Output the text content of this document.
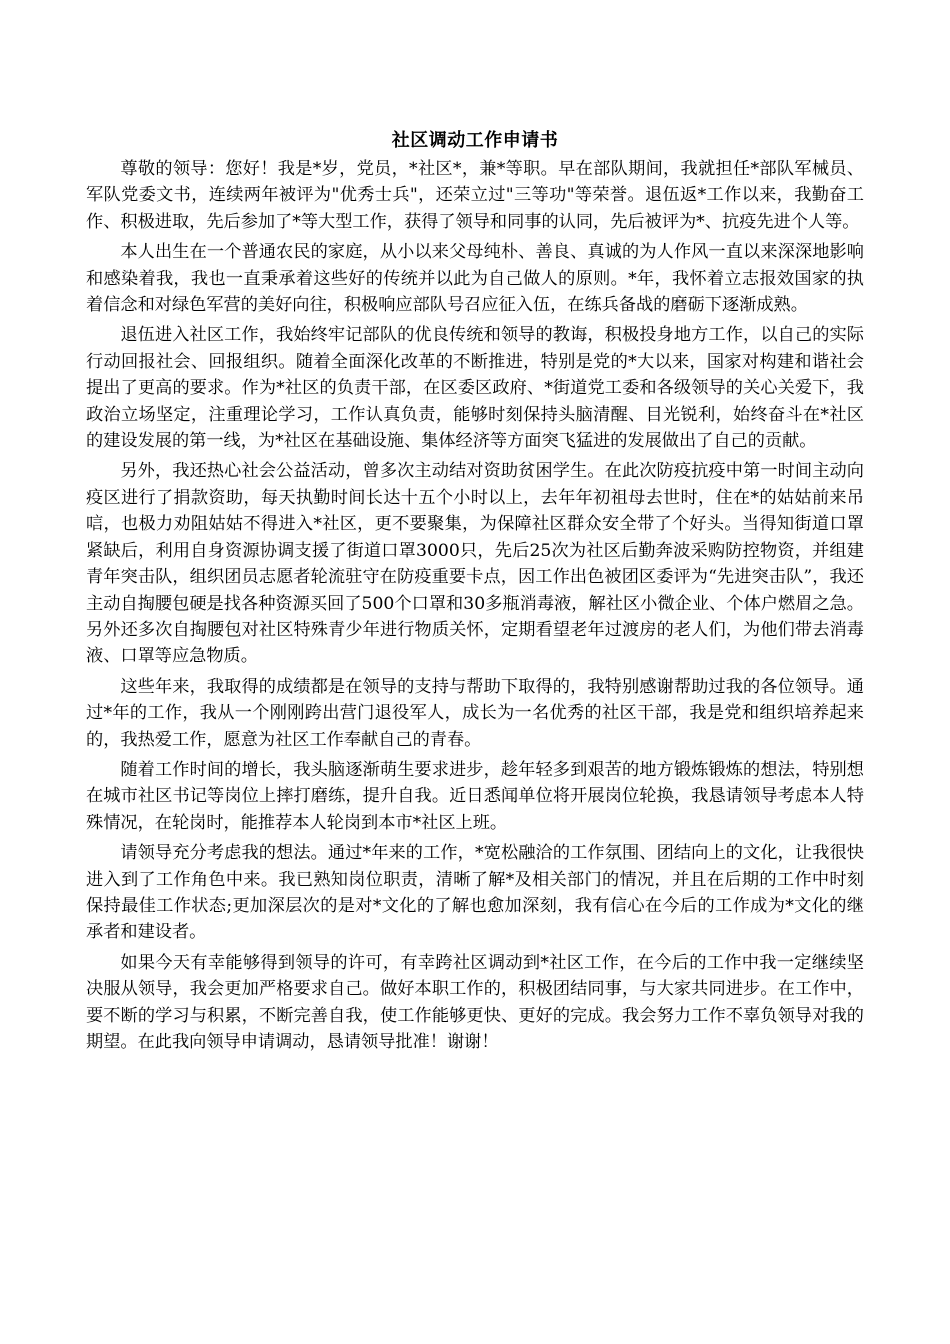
社区调动工作申请书

尊敬的领导：您好！我是*岁，党员，*社区*，兼*等职。早在部队期间，我就担任*部队军械员、军队党委文书，连续两年被评为"优秀士兵"，还荣立过"三等功"等荣誉。退伍返*工作以来，我勤奋工作、积极进取，先后参加了*等大型工作，获得了领导和同事的认同，先后被评为*、抗疫先进个人等。

本人出生在一个普通农民的家庭，从小以来父母纯朴、善良、真诚的为人作风一直以来深深地影响和感染着我，我也一直秉承着这些好的传统并以此为自己做人的原则。*年，我怀着立志报效国家的执着信念和对绿色军营的美好向往，积极响应部队号召应征入伍，在练兵备战的磨砺下逐渐成熟。

退伍进入社区工作，我始终牢记部队的优良传统和领导的教诲，积极投身地方工作，以自己的实际行动回报社会、回报组织。随着全面深化改革的不断推进，特别是党的*大以来，国家对构建和谐社会提出了更高的要求。作为*社区的负责干部，在区委区政府、*街道党工委和各级领导的关心关爱下，我政治立场坚定，注重理论学习，工作认真负责，能够时刻保持头脑清醒、目光锐利，始终奋斗在*社区的建设发展的第一线，为*社区在基础设施、集体经济等方面突飞猛进的发展做出了自己的贡献。

另外，我还热心社会公益活动，曾多次主动结对资助贫困学生。在此次防疫抗疫中第一时间主动向疫区进行了捐款资助，每天执勤时间长达十五个小时以上，去年年初祖母去世时，住在*的姑姑前来吊唁，也极力劝阻姑姑不得进入*社区，更不要聚集，为保障社区群众安全带了个好头。当得知街道口罩紧缺后，利用自身资源协调支援了街道口罩3000只，先后25次为社区后勤奔波采购防控物资，并组建青年突击队，组织团员志愿者轮流驻守在防疫重要卡点，因工作出色被团区委评为“先进突击队”，我还主动自掏腰包硬是找各种资源买回了500个口罩和30多瓶消毒液，解社区小微企业、个体户燃眉之急。另外还多次自掏腰包对社区特殊青少年进行物质关怀，定期看望老年过渡房的老人们，为他们带去消毒液、口罩等应急物质。

这些年来，我取得的成绩都是在领导的支持与帮助下取得的，我特别感谢帮助过我的各位领导。通过*年的工作，我从一个刚刚跨出营门退役军人，成长为一名优秀的社区干部，我是党和组织培养起来的，我热爱工作，愿意为社区工作奉献自己的青春。

随着工作时间的增长，我头脑逐渐萌生要求进步，趁年轻多到艰苦的地方锻炼锻炼的想法，特别想在城市社区书记等岗位上摔打磨练，提升自我。近日悉闻单位将开展岗位轮换，我恳请领导考虑本人特殊情况，在轮岗时，能推荐本人轮岗到本市*社区上班。

请领导充分考虑我的想法。通过*年来的工作，*宽松融洽的工作氛围、团结向上的文化，让我很快进入到了工作角色中来。我已熟知岗位职责，清晰了解*及相关部门的情况，并且在后期的工作中时刻保持最佳工作状态;更加深层次的是对*文化的了解也愈加深刻，我有信心在今后的工作成为*文化的继承者和建设者。

如果今天有幸能够得到领导的许可，有幸跨社区调动到*社区工作，在今后的工作中我一定继续坚决服从领导，我会更加严格要求自己。做好本职工作的，积极团结同事，与大家共同进步。在工作中，要不断的学习与积累，不断完善自我，使工作能够更快、更好的完成。我会努力工作不辜负领导对我的期望。在此我向领导申请调动，恳请领导批准！谢谢！
